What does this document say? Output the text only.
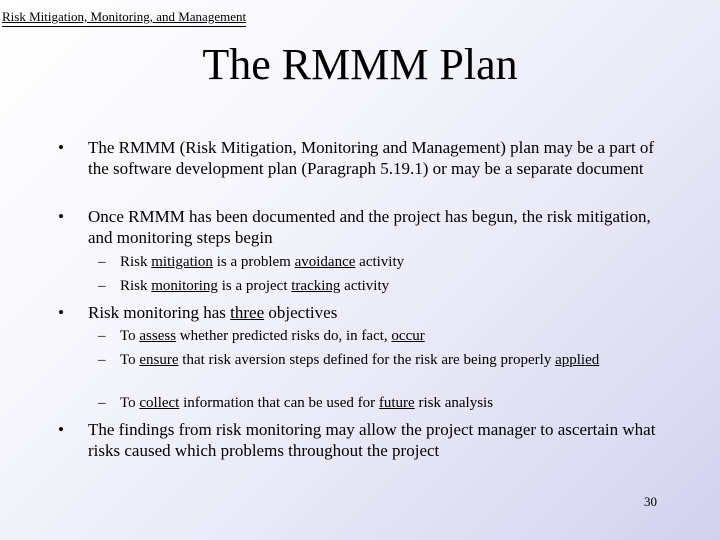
Risk Mitigation, Monitoring, and Management
The RMMM Plan
• The RMMM (Risk Mitigation, Monitoring and Management) plan may be a part of the software development plan (Paragraph 5.19.1) or may be a separate document
• Once RMMM has been documented and the project has begun, the risk mitigation, and monitoring steps begin
– Risk mitigation is a problem avoidance activity
– Risk monitoring is a project tracking activity
• Risk monitoring has three objectives
– To assess whether predicted risks do, in fact, occur
– To ensure that risk aversion steps defined for the risk are being properly applied
– To collect information that can be used for future risk analysis
• The findings from risk monitoring may allow the project manager to ascertain what risks caused which problems throughout the project
30
